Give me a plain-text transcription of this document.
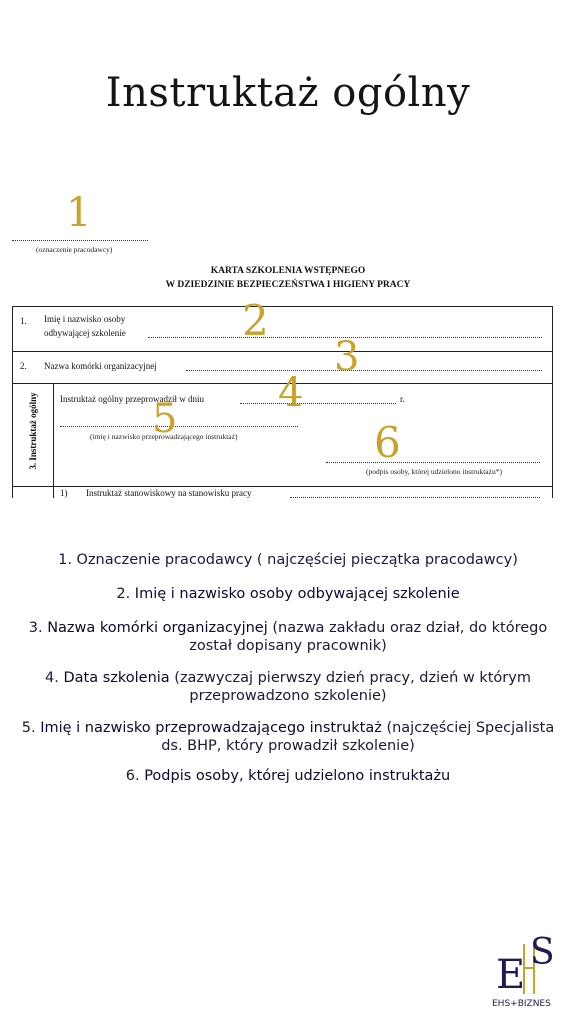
Instruktaż ogólny
(oznaczenie pracodawcy)
KARTA SZKOLENIA WSTĘPNEGO
W DZIEDZINIE BEZPIECZEŃSTWA I HIGIENY PRACY
1. Imię i nazwisko osoby
odbywającej szkolenie
2. Nazwa komórki organizacyjnej
3. Instruktaż ogólny Instruktaż ogólny przeprowadził w dniu	r.
(imię i nazwisko przeprowadzającego instruktaż)
(podpis osoby, której udzielono instruktażu*)
1) Instruktaż stanowiskowy na stanowisku pracy
1
2
3
4
5	6
1. Oznaczenie pracodawcy ( najczęściej pieczątka pracodawcy)
2. Imię i nazwisko osoby odbywającej szkolenie
3. Nazwa komórki organizacyjnej (nazwa zakładu oraz dział, do którego został dopisany pracownik)
4. Data szkolenia (zazwyczaj pierwszy dzień pracy, dzień w którym przeprowadzono szkolenie)
5. Imię i nazwisko przeprowadzającego instruktaż (najczęściej Specjalista ds. BHP, który prowadził szkolenie)
6. Podpis osoby, której udzielono instruktażu
E S
EHS+BIZNES
